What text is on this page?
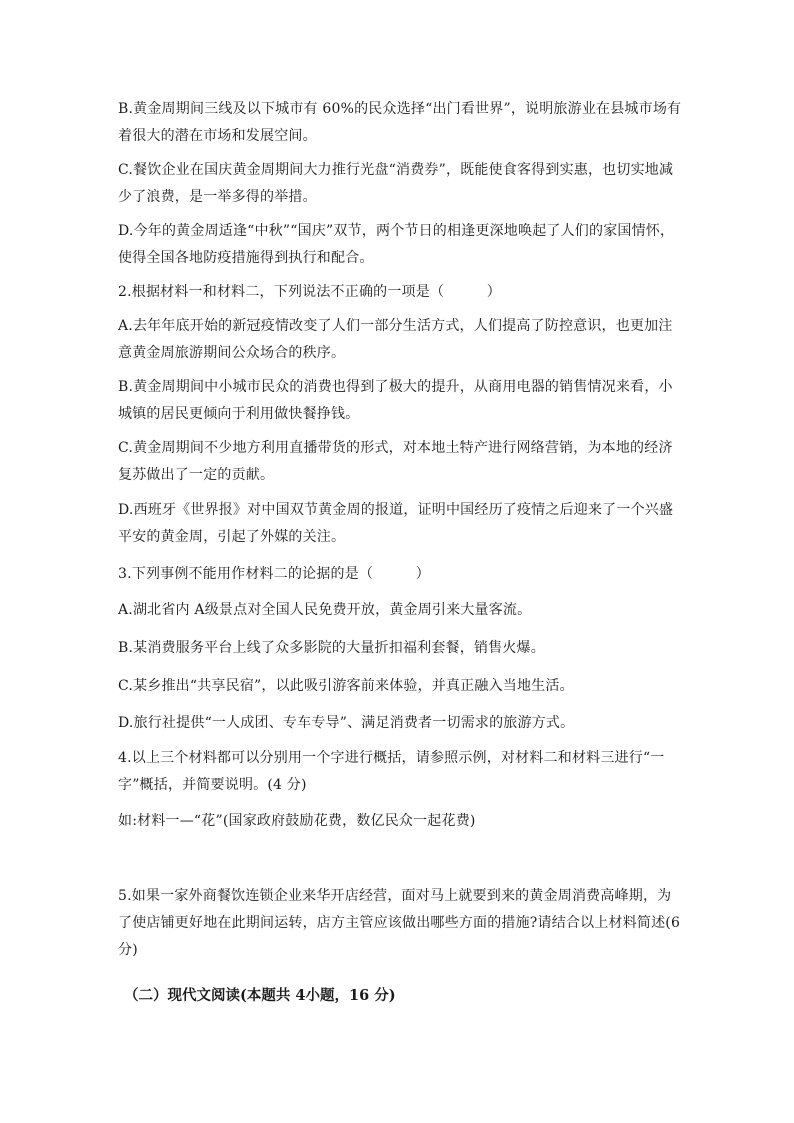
B.黄金周期间三线及以下城市有 60%的民众选择“出门看世界”，说明旅游业在县城市场有着很大的潜在市场和发展空间。

C.餐饮企业在国庆黄金周期间大力推行光盘“消费券”，既能使食客得到实惠，也切实地减少了浪费，是一举多得的举措。

D.今年的黄金周适逢“中秋”“国庆”双节，两个节日的相逢更深地唤起了人们的家国情怀，使得全国各地防疫措施得到执行和配合。

2.根据材料一和材料二，下列说法不正确的一项是（　　　）

A.去年年底开始的新冠疫情改变了人们一部分生活方式，人们提高了防控意识，也更加注意黄金周旅游期间公众场合的秩序。

B.黄金周期间中小城市民众的消费也得到了极大的提升，从商用电器的销售情况来看，小城镇的居民更倾向于利用做快餐挣钱。

C.黄金周期间不少地方利用直播带货的形式，对本地土特产进行网络营销，为本地的经济复苏做出了一定的贡献。

D.西班牙《世界报》对中国双节黄金周的报道，证明中国经历了疫情之后迎来了一个兴盛平安的黄金周，引起了外媒的关注。

3.下列事例不能用作材料二的论据的是（　　　）

A.湖北省内 A级景点对全国人民免费开放，黄金周引来大量客流。

B.某消费服务平台上线了众多影院的大量折扣福利套餐，销售火爆。

C.某乡推出“共享民宿”，以此吸引游客前来体验，并真正融入当地生活。

D.旅行社提供“一人成团、专车专导”、满足消费者一切需求的旅游方式。

4.以上三个材料都可以分别用一个字进行概括，请参照示例，对材料二和材料三进行“一字”概括，并简要说明。(4 分)

如:材料一—“花”(国家政府鼓励花费，数亿民众一起花费)

5.如果一家外商餐饮连锁企业来华开店经营，面对马上就要到来的黄金周消费高峰期，为了使店铺更好地在此期间运转，店方主管应该做出哪些方面的措施?请结合以上材料简述(6分)

（二）现代文阅读(本题共 4小题，16 分)
